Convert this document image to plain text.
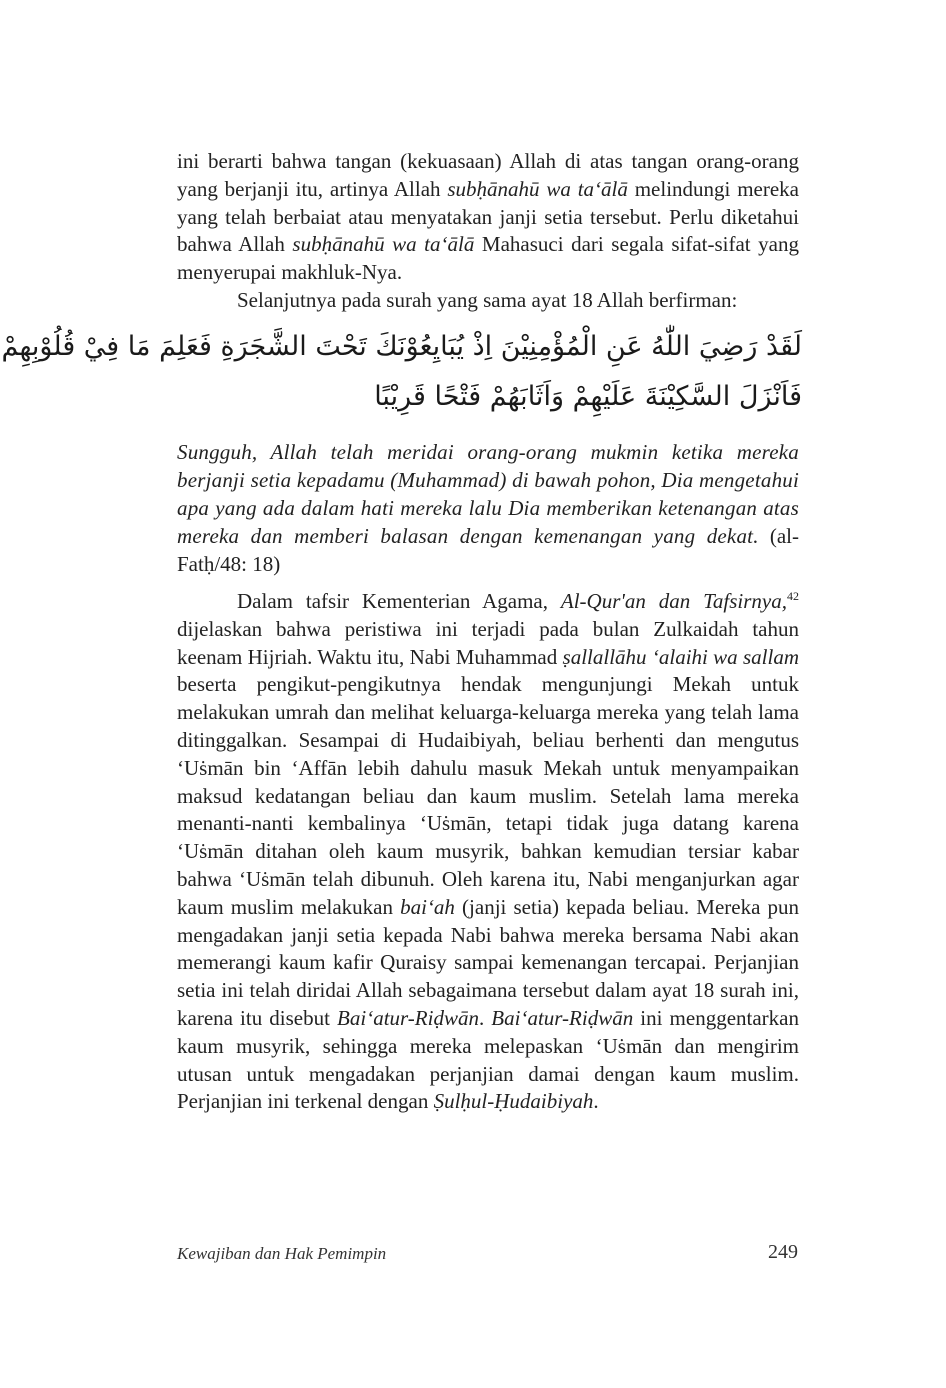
ini berarti bahwa tangan (kekuasaan) Allah di atas tangan orang-orang yang berjanji itu, artinya Allah subḥānahū wa ta‘ālā melindungi mereka yang telah berbaiat atau menyatakan janji setia tersebut. Perlu diketahui bahwa Allah subḥānahū wa ta‘ālā Mahasuci dari segala sifat-sifat yang menyerupai makhluk-Nya.

Selanjutnya pada surah yang sama ayat 18 Allah berfirman:

لَقَدْ رَضِيَ اللّٰهُ عَنِ الْمُؤْمِنِيْنَ اِذْ يُبَايِعُوْنَكَ تَحْتَ الشَّجَرَةِ فَعَلِمَ مَا فِيْ قُلُوْبِهِمْ
فَاَنْزَلَ السَّكِيْنَةَ عَلَيْهِمْ وَاَثَابَهُمْ فَتْحًا قَرِيْبًا
Sungguh, Allah telah meridai orang-orang mukmin ketika mereka berjanji setia kepadamu (Muhammad) di bawah pohon, Dia mengetahui apa yang ada dalam hati mereka lalu Dia memberikan ketenangan atas mereka dan memberi balasan dengan kemenangan yang dekat. (al-Fatḥ/48: 18)

Dalam tafsir Kementerian Agama, Al-Qur'an dan Tafsirnya,$^{42}$ dijelaskan bahwa peristiwa ini terjadi pada bulan Zulkaidah tahun keenam Hijriah. Waktu itu, Nabi Muhammad ṣallallāhu ‘alaihi wa sallam beserta pengikut-pengikutnya hendak mengunjungi Mekah untuk melakukan umrah dan melihat keluarga-keluarga mereka yang telah lama ditinggalkan. Sesampai di Hudaibiyah, beliau berhenti dan mengutus ‘Uṡmān bin ‘Affān lebih dahulu masuk Mekah untuk menyampaikan maksud kedatangan beliau dan kaum muslim. Setelah lama mereka menanti-nanti kembalinya ‘Uṡmān, tetapi tidak juga datang karena ‘Uṡmān ditahan oleh kaum musyrik, bahkan kemudian tersiar kabar bahwa ‘Uṡmān telah dibunuh. Oleh karena itu, Nabi menganjurkan agar kaum muslim melakukan bai‘ah (janji setia) kepada beliau. Mereka pun mengadakan janji setia kepada Nabi bahwa mereka bersama Nabi akan memerangi kaum kafir Quraisy sampai kemenangan tercapai. Perjanjian setia ini telah diridai Allah sebagaimana tersebut dalam ayat 18 surah ini, karena itu disebut Bai‘atur-Riḍwān. Bai‘atur-Riḍwān ini menggentarkan kaum musyrik, sehingga mereka melepaskan ‘Uṡmān dan mengirim utusan untuk mengadakan perjanjian damai dengan kaum muslim. Perjanjian ini terkenal dengan Ṣulḥul-Ḥudaibiyah.

Kewajiban dan Hak Pemimpin	249
